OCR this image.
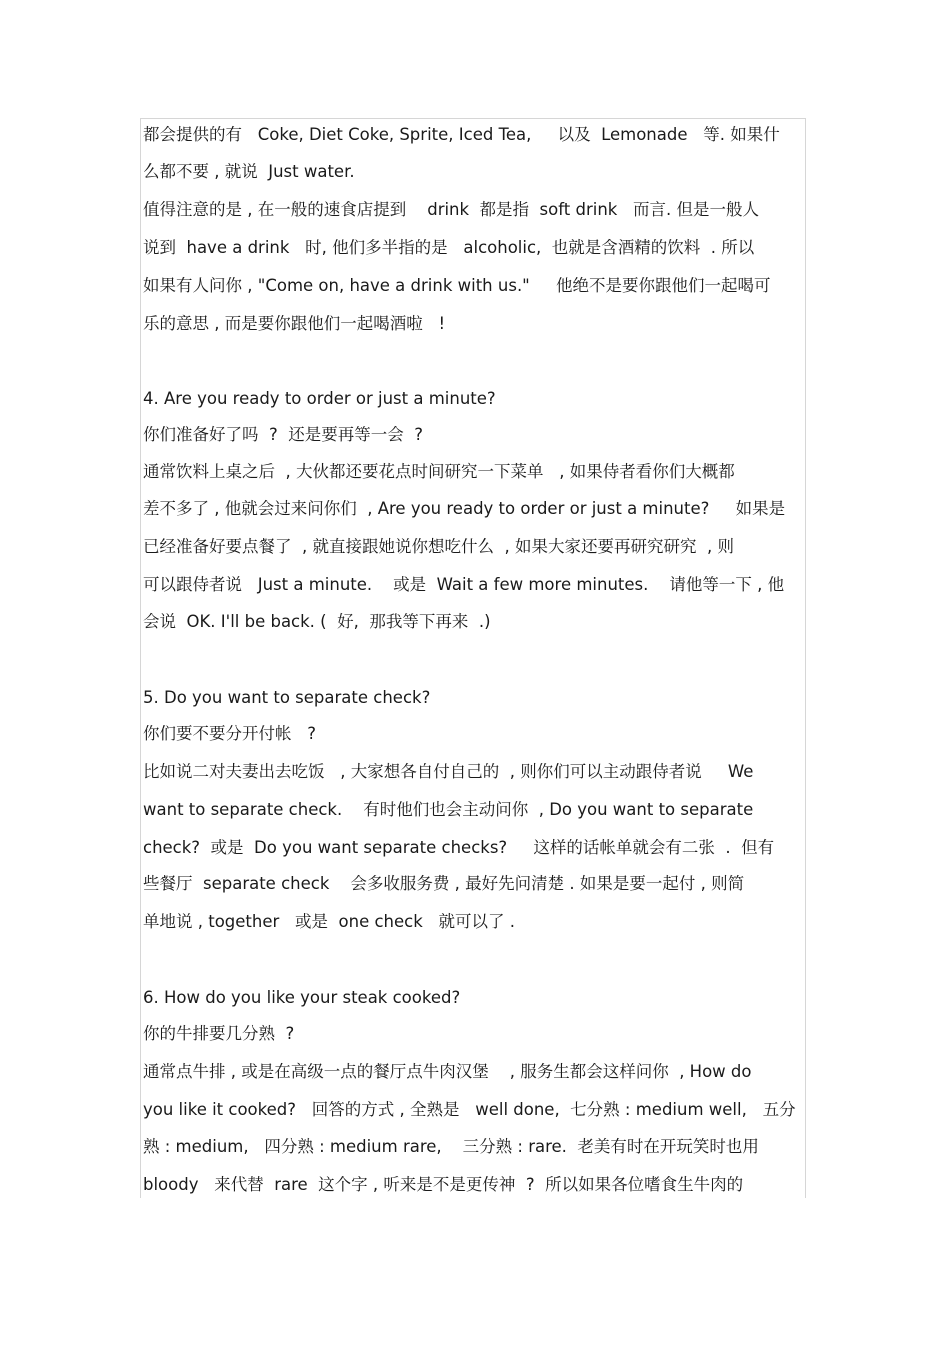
都会提供的有   Coke, Diet Coke, Sprite, Iced Tea,     以及  Lemonade   等. 如果什
么都不要 , 就说  Just water.
值得注意的是 , 在一般的速食店提到    drink  都是指  soft drink   而言. 但是一般人
说到  have a drink   时, 他们多半指的是   alcoholic,  也就是含酒精的饮料  . 所以
如果有人问你 , "Come on, have a drink with us."     他绝不是要你跟他们一起喝可
乐的意思 , 而是要你跟他们一起喝酒啦   !
4. Are you ready to order or just a minute?
你们准备好了吗  ?  还是要再等一会  ?
通常饮料上桌之后  , 大伙都还要花点时间研究一下菜单   , 如果侍者看你们大概都
差不多了 , 他就会过来问你们  , Are you ready to order or just a minute?     如果是
已经准备好要点餐了  , 就直接跟她说你想吃什么  , 如果大家还要再研究研究  , 则
可以跟侍者说   Just a minute.    或是  Wait a few more minutes.    请他等一下 , 他
会说  OK. I'll be back. (  好,  那我等下再来  .)
5. Do you want to separate check?
你们要不要分开付帐   ?
比如说二对夫妻出去吃饭   , 大家想各自付自己的  , 则你们可以主动跟侍者说     We
want to separate check.    有时他们也会主动问你  , Do you want to separate
check?  或是  Do you want separate checks?     这样的话帐单就会有二张  .  但有
些餐厅  separate check    会多收服务费 , 最好先问清楚 . 如果是要一起付 , 则简
单地说 , together   或是  one check   就可以了 .
6. How do you like your steak cooked?
你的牛排要几分熟  ?
通常点牛排 , 或是在高级一点的餐厅点牛肉汉堡    , 服务生都会这样问你  , How do
you like it cooked?   回答的方式 , 全熟是   well done,  七分熟 : medium well,   五分
熟 : medium,   四分熟 : medium rare,    三分熟 : rare.  老美有时在开玩笑时也用
bloody   来代替  rare  这个字 , 听来是不是更传神  ?  所以如果各位嗜食生牛肉的
